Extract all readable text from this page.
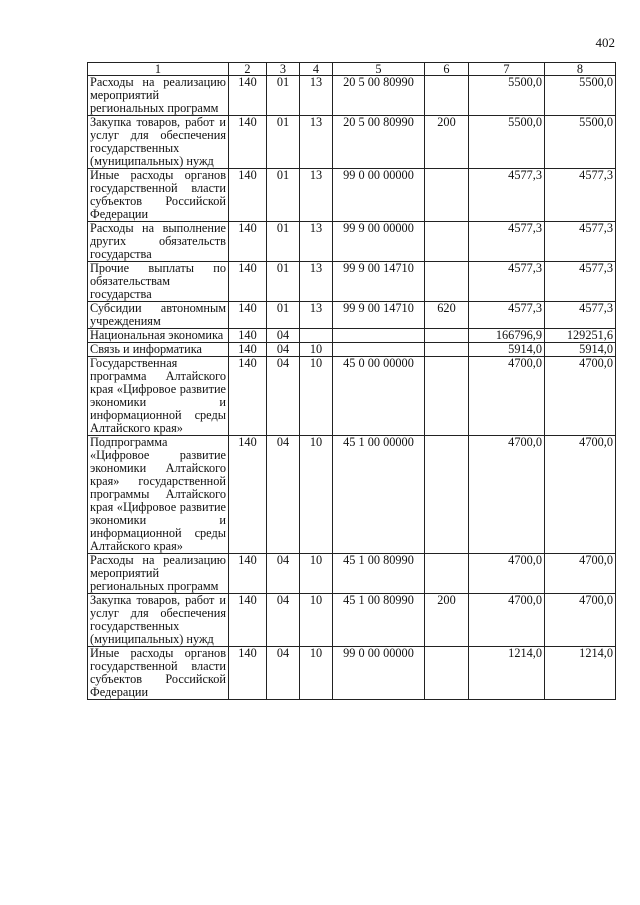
402
1	2	3	4	5	6	7	8
Расходы на реализацию мероприятий региональных программ	140	01	13	20 5 00 80990		5500,0	5500,0
Закупка товаров, работ и услуг для обеспечения государственных (муниципальных) нужд	140	01	13	20 5 00 80990	200	5500,0	5500,0
Иные расходы органов государственной власти субъектов Российской Федерации	140	01	13	99 0 00 00000		4577,3	4577,3
Расходы на выполнение других обязательств государства	140	01	13	99 9 00 00000		4577,3	4577,3
Прочие выплаты по обязательствам государства	140	01	13	99 9 00 14710		4577,3	4577,3
Субсидии автономным учреждениям	140	01	13	99 9 00 14710	620	4577,3	4577,3
Национальная экономика	140	04				166796,9	129251,6
Связь и информатика	140	04	10			5914,0	5914,0
Государственная программа Алтайского края «Цифровое развитие экономики и информационной среды Алтайского края»	140	04	10	45 0 00 00000		4700,0	4700,0
Подпрограмма «Цифровое развитие экономики Алтайского края» государственной программы Алтайского края «Цифровое развитие экономики и информационной среды Алтайского края»	140	04	10	45 1 00 00000		4700,0	4700,0
Расходы на реализацию мероприятий региональных программ	140	04	10	45 1 00 80990		4700,0	4700,0
Закупка товаров, работ и услуг для обеспечения государственных (муниципальных) нужд	140	04	10	45 1 00 80990	200	4700,0	4700,0
Иные расходы органов государственной власти субъектов Российской Федерации	140	04	10	99 0 00 00000		1214,0	1214,0
